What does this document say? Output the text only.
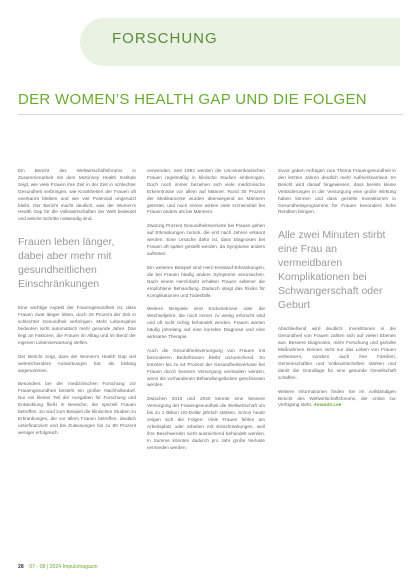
FORSCHUNG
DER WOMEN’S HEALTH GAP UND DIE FOLGEN

Ein Bericht des Weltwirtschaftsforums in Zusammenarbeit mit dem McKinsey Health Institute zeigt, wie viele Frauen ihre Zeit in der Zeit in schlechter Gesundheit verbringen, wie Krankheiten der Frauen oft unerkannt bleiben und wie viel Potenzial ungenutzt bleibt. Der Bericht macht deutlich, was der Women’s Health Gap für die Volkswirtschaften der Welt bedeutet und welche Schritte notwendig sind.

Frauen leben länger, dabei aber mehr mit gesundheitlichen Einschränkungen

Eine wichtige Aspekt der Frauengesundheit ist, dass Frauen zwar länger leben, doch 25 Prozent der Zeit in schlechter Gesundheit verbringen. Mehr Lebensjahre bedeuten nicht automatisch mehr gesunde Jahre. Das liegt an Faktoren, die Frauen im Alltag und im Beruf der eigenen Lebenserwartung stellen.

Der Bericht zeigt, dass der Women’s Health Gap viel weitreichendere Auswirkungen hat, als bislang angenommen.

Besonders bei der medizinischen Forschung zur Frauengesundheit besteht ein großer Nachholbedarf. Nur ein kleiner Teil der Ausgaben für Forschung und Entwicklung fließt in Bereiche, die speziell Frauen betreffen. So sind zum Beispiel die klinischen Studien zu Erkrankungen, die vor allem Frauen betreffen, deutlich unterfinanziert und bei Zulassungen bis zu 80 Prozent weniger erfolgreich.

verwenden. Seit 1993 werden die US-amerikanischen Frauen regelmäßig in klinische Studien einbezogen. Doch noch immer beziehen sich viele medizinische Erkenntnisse vor allem auf Männer. Rund 30 Prozent der Medikamente wurden überwiegend an Männern getestet, und noch immer wirken viele Arzneimittel bei Frauen anders als bei Männern.

Zwanzig Prozent Gesundheitsverluste bei Frauen gehen auf Erkrankungen zurück, die erst nach Jahren erkannt werden. Eine Ursache dafür ist, dass Diagnosen bei Frauen oft später gestellt werden, da Symptome anders auftreten.

Ein weiteres Beispiel sind Herz-Kreislauf-Erkrankungen, die bei Frauen häufig andere Symptome verursachen. Nach einem Herzinfarkt erhalten Frauen seltener die empfohlene Behandlung. Dadurch steigt das Risiko für Komplikationen und Todesfälle.

Weitere Beispiele sind Endometriose oder die Wechseljahre, die noch immer zu wenig erforscht sind und oft nicht richtig behandelt werden. Frauen warten häufig jahrelang auf eine korrekte Diagnose und eine wirksame Therapie.

Auch die Gesundheitsversorgung von Frauen mit besonderen Bedürfnissen bleibt unzureichend. So könnten bis zu 64 Prozent der Gesundheitsverluste bei Frauen durch bessere Versorgung vermieden werden, wenn die vorhandenen Behandlungslücken geschlossen werden.

Zwischen 2010 und 2040 könnte eine bessere Versorgung der Frauengesundheit die Weltwirtschaft um bis zu 1 Billion US-Dollar jährlich stärken. Schon heute zeigen sich die Folgen: Viele Frauen fehlen am Arbeitsplatz oder arbeiten mit Einschränkungen, weil ihre Beschwerden nicht ausreichend behandelt werden. In Summe könnten dadurch pro Jahr große Verluste vermieden werden.

Zuvor gaben Anfragen zum Thema Frauengesundheit in den letzten Jahren deutlich mehr Aufmerksamkeit. Im Bericht wird darauf hingewiesen, dass bereits kleine Veränderungen in der Versorgung eine große Wirkung haben können und dass gezielte Investitionen in Gesundheitsprogramme für Frauen besonders hohe Renditen bringen.

Alle zwei Minuten stirbt eine Frau an vermeidbaren Komplikationen bei Schwangerschaft oder Geburt

Abschließend wird deutlich: Investitionen in die Gesundheit von Frauen zahlen sich auf vielen Ebenen aus. Bessere Diagnosen, mehr Forschung und gezielte Maßnahmen können nicht nur das Leben von Frauen verbessern, sondern auch ihre Familien, Gemeinschaften und Volkswirtschaften stärken und damit die Grundlage für eine gesunde Gesellschaft schaffen.

Weitere Informationen finden Sie im vollständigen Bericht des Weltwirtschaftsforums, der online zur Verfügung steht. Amanda Lee

28 07 · 08 | 2024 Impulsmagazin
